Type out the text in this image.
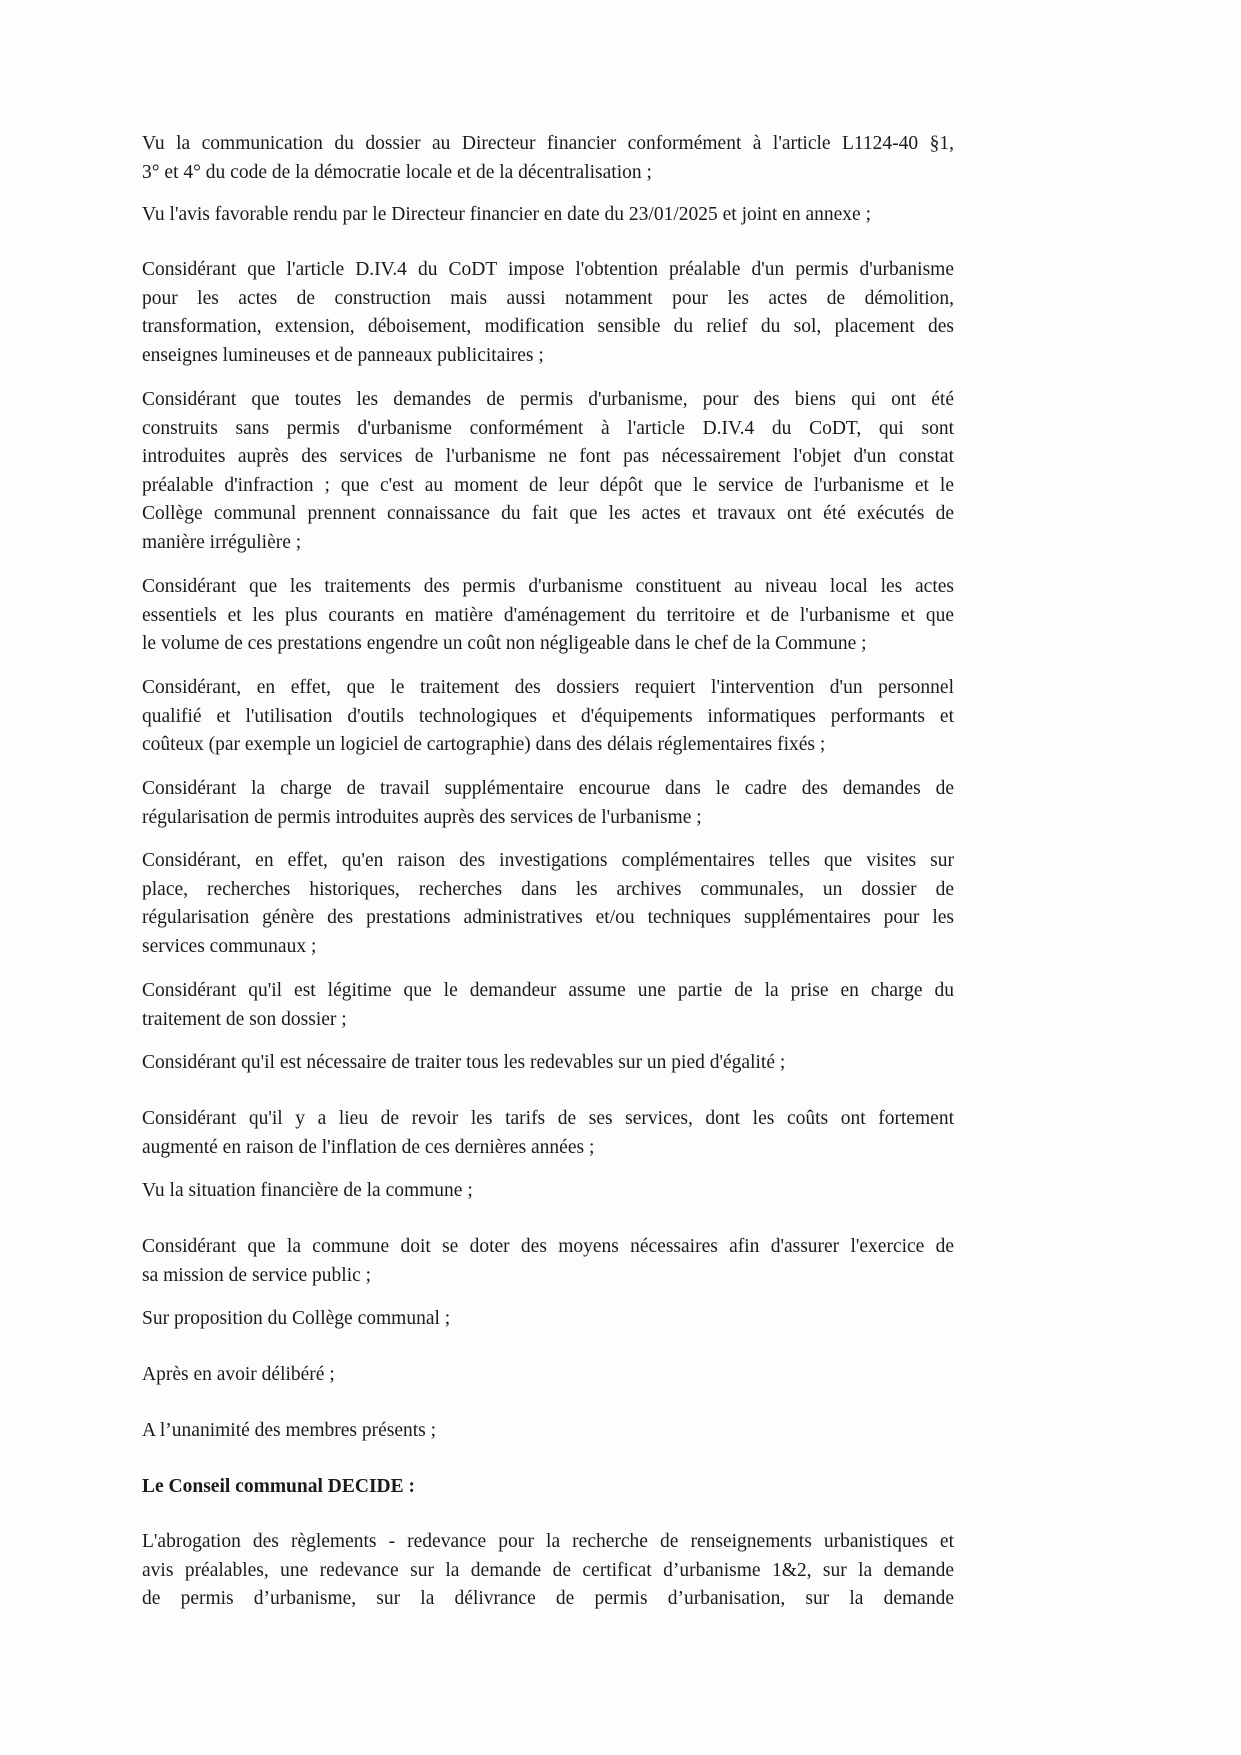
Vu la communication du dossier au Directeur financier conformément à l'article L1124-40 §1,
3° et 4° du code de la démocratie locale et de la décentralisation ;
Vu l'avis favorable rendu par le Directeur financier en date du 23/01/2025 et joint en annexe ;
Considérant que l'article D.IV.4 du CoDT impose l'obtention préalable d'un permis d'urbanisme
pour les actes de construction mais aussi notamment pour les actes de démolition,
transformation, extension, déboisement, modification sensible du relief du sol, placement des
enseignes lumineuses et de panneaux publicitaires ;
Considérant que toutes les demandes de permis d'urbanisme, pour des biens qui ont été
construits sans permis d'urbanisme conformément à l'article D.IV.4 du CoDT, qui sont
introduites auprès des services de l'urbanisme ne font pas nécessairement l'objet d'un constat
préalable d'infraction ; que c'est au moment de leur dépôt que le service de l'urbanisme et le
Collège communal prennent connaissance du fait que les actes et travaux ont été exécutés de
manière irrégulière ;
Considérant que les traitements des permis d'urbanisme constituent au niveau local les actes
essentiels et les plus courants en matière d'aménagement du territoire et de l'urbanisme et que
le volume de ces prestations engendre un coût non négligeable dans le chef de la Commune ;
Considérant, en effet, que le traitement des dossiers requiert l'intervention d'un personnel
qualifié et l'utilisation d'outils technologiques et d'équipements informatiques performants et
coûteux (par exemple un logiciel de cartographie) dans des délais réglementaires fixés ;
Considérant la charge de travail supplémentaire encourue dans le cadre des demandes de
régularisation de permis introduites auprès des services de l'urbanisme ;
Considérant, en effet, qu'en raison des investigations complémentaires telles que visites sur
place, recherches historiques, recherches dans les archives communales, un dossier de
régularisation génère des prestations administratives et/ou techniques supplémentaires pour les
services communaux ;
Considérant qu'il est légitime que le demandeur assume une partie de la prise en charge du
traitement de son dossier ;
Considérant qu'il est nécessaire de traiter tous les redevables sur un pied d'égalité ;
Considérant qu'il y a lieu de revoir les tarifs de ses services, dont les coûts ont fortement
augmenté en raison de l'inflation de ces dernières années ;
Vu la situation financière de la commune ;
Considérant que la commune doit se doter des moyens nécessaires afin d'assurer l'exercice de
sa mission de service public ;
Sur proposition du Collège communal ;
Après en avoir délibéré ;
A l’unanimité des membres présents ;
Le Conseil communal DECIDE :
L'abrogation des règlements - redevance pour la recherche de renseignements urbanistiques et
avis préalables, une redevance sur la demande de certificat d’urbanisme 1&2, sur la demande
de permis d’urbanisme, sur la délivrance de permis d’urbanisation, sur la demande
